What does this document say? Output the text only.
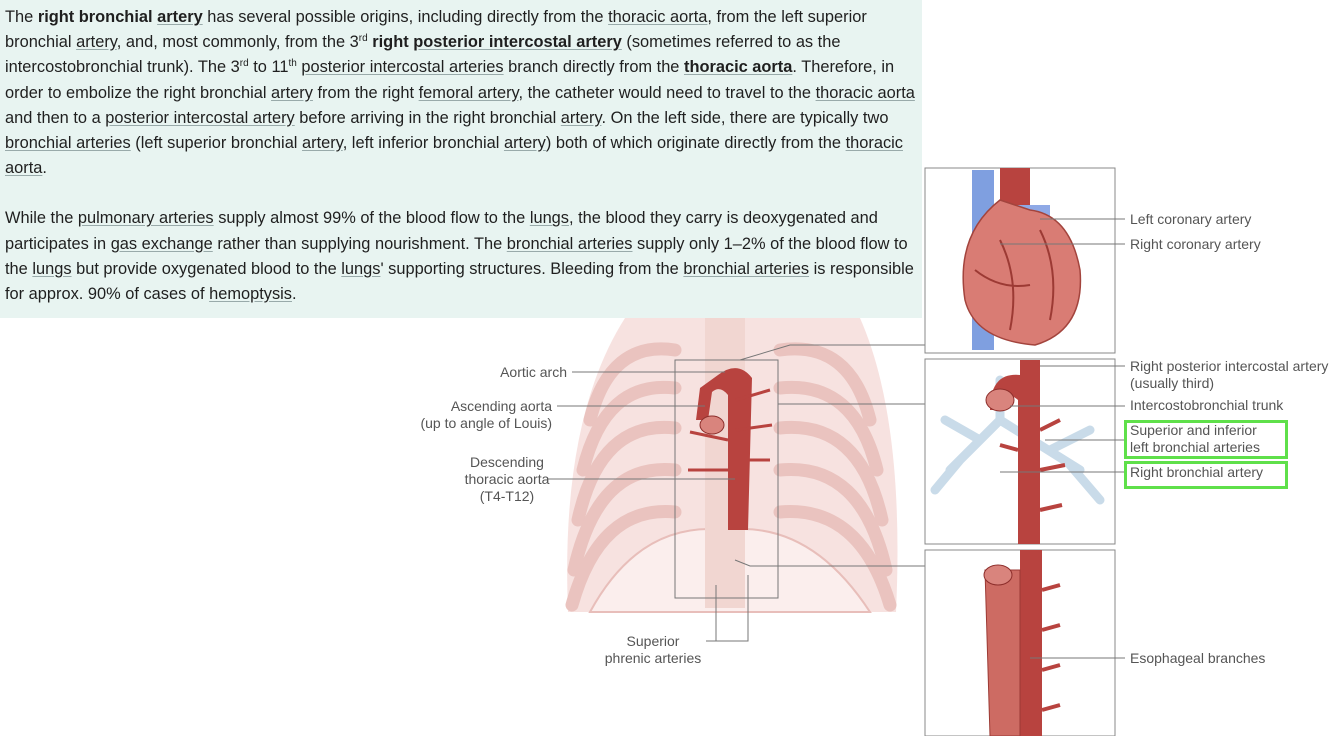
The right bronchial artery has several possible origins, including directly from the thoracic aorta, from the left superior bronchial artery, and, most commonly, from the 3rd right posterior intercostal artery (sometimes referred to as the intercostobronchial trunk). The 3rd to 11th posterior intercostal arteries branch directly from the thoracic aorta. Therefore, in order to embolize the right bronchial artery from the right femoral artery, the catheter would need to travel to the thoracic aorta and then to a posterior intercostal artery before arriving in the right bronchial artery. On the left side, there are typically two bronchial arteries (left superior bronchial artery, left inferior bronchial artery) both of which originate directly from the thoracic aorta.

While the pulmonary arteries supply almost 99% of the blood flow to the lungs, the blood they carry is deoxygenated and participates in gas exchange rather than supplying nourishment. The bronchial arteries supply only 1–2% of the blood flow to the lungs but provide oxygenated blood to the lungs' supporting structures. Bleeding from the bronchial arteries is responsible for approx. 90% of cases of hemoptysis.

Aortic arch
Ascending aorta
(up to angle of Louis)
Descending
thoracic aorta
(T4-T12)
Superior
phrenic arteries
Left coronary artery
Right coronary artery
Right posterior intercostal artery
(usually third)
Intercostobronchial trunk
Superior and inferior
left bronchial arteries
Right bronchial artery
Esophageal branches
